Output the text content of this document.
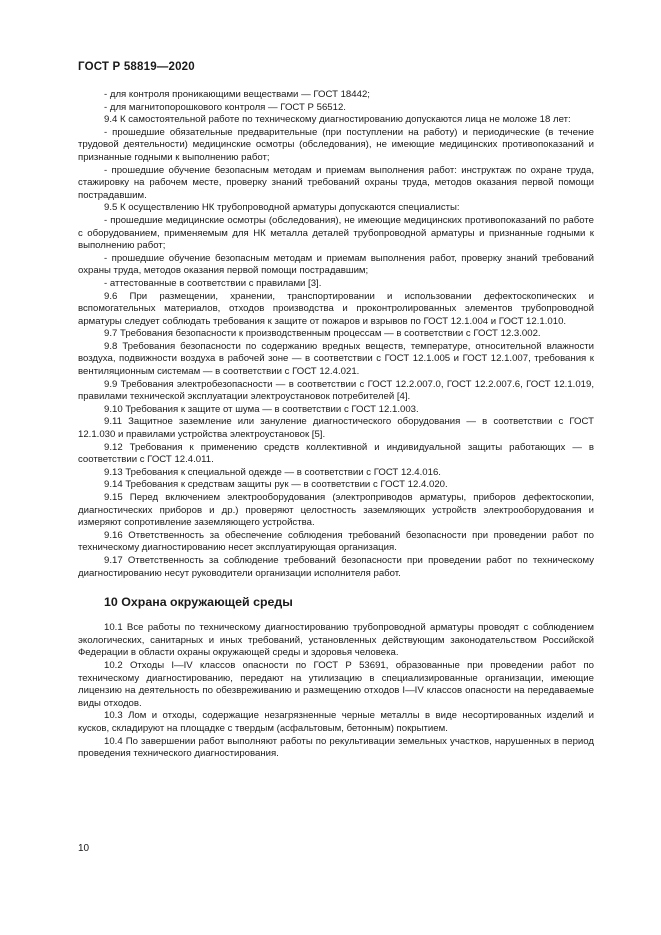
ГОСТ Р 58819—2020

- для контроля проникающими веществами — ГОСТ 18442;

- для магнитопорошкового контроля — ГОСТ Р 56512.

9.4 К самостоятельной работе по техническому диагностированию допускаются лица не моложе 18 лет:

- прошедшие обязательные предварительные (при поступлении на работу) и периодические (в течение трудовой деятельности) медицинские осмотры (обследования), не имеющие медицинских противопоказаний и признанные годными к выполнению работ;

- прошедшие обучение безопасным методам и приемам выполнения работ: инструктаж по охране труда, стажировку на рабочем месте, проверку знаний требований охраны труда, методов оказания первой помощи пострадавшим.

9.5 К осуществлению НК трубопроводной арматуры допускаются специалисты:

- прошедшие медицинские осмотры (обследования), не имеющие медицинских противопоказаний по работе с оборудованием, применяемым для НК металла деталей трубопроводной арматуры и признанные годными к выполнению работ;

- прошедшие обучение безопасным методам и приемам выполнения работ, проверку знаний требований охраны труда, методов оказания первой помощи пострадавшим;

- аттестованные в соответствии с правилами [3].

9.6 При размещении, хранении, транспортировании и использовании дефектоскопических и вспомогательных материалов, отходов производства и проконтролированных элементов трубопроводной арматуры следует соблюдать требования к защите от пожаров и взрывов по ГОСТ 12.1.004 и ГОСТ 12.1.010.

9.7 Требования безопасности к производственным процессам — в соответствии с ГОСТ 12.3.002.

9.8 Требования безопасности по содержанию вредных веществ, температуре, относительной влажности воздуха, подвижности воздуха в рабочей зоне — в соответствии с ГОСТ 12.1.005 и ГОСТ 12.1.007, требования к вентиляционным системам — в соответствии с ГОСТ 12.4.021.

9.9 Требования электробезопасности — в соответствии с ГОСТ 12.2.007.0, ГОСТ 12.2.007.6, ГОСТ 12.1.019, правилами технической эксплуатации электроустановок потребителей [4].

9.10 Требования к защите от шума — в соответствии с ГОСТ 12.1.003.

9.11 Защитное заземление или зануление диагностического оборудования — в соответствии с ГОСТ 12.1.030 и правилами устройства электроустановок [5].

9.12 Требования к применению средств коллективной и индивидуальной защиты работающих — в соответствии с ГОСТ 12.4.011.

9.13 Требования к специальной одежде — в соответствии с ГОСТ 12.4.016.

9.14 Требования к средствам защиты рук — в соответствии с ГОСТ 12.4.020.

9.15 Перед включением электрооборудования (электроприводов арматуры, приборов дефектоскопии, диагностических приборов и др.) проверяют целостность заземляющих устройств электрооборудования и измеряют сопротивление заземляющего устройства.

9.16 Ответственность за обеспечение соблюдения требований безопасности при проведении работ по техническому диагностированию несет эксплуатирующая организация.

9.17 Ответственность за соблюдение требований безопасности при проведении работ по техническому диагностированию несут руководители организации исполнителя работ.

10 Охрана окружающей среды

10.1 Все работы по техническому диагностированию трубопроводной арматуры проводят с соблюдением экологических, санитарных и иных требований, установленных действующим законодательством Российской Федерации в области охраны окружающей среды и здоровья человека.

10.2 Отходы I—IV классов опасности по ГОСТ Р 53691, образованные при проведении работ по техническому диагностированию, передают на утилизацию в специализированные организации, имеющие лицензию на деятельность по обезвреживанию и размещению отходов I—IV классов опасности на передаваемые виды отходов.

10.3 Лом и отходы, содержащие незагрязненные черные металлы в виде несортированных изделий и кусков, складируют на площадке с твердым (асфальтовым, бетонным) покрытием.

10.4 По завершении работ выполняют работы по рекультивации земельных участков, нарушенных в период проведения технического диагностирования.

10
